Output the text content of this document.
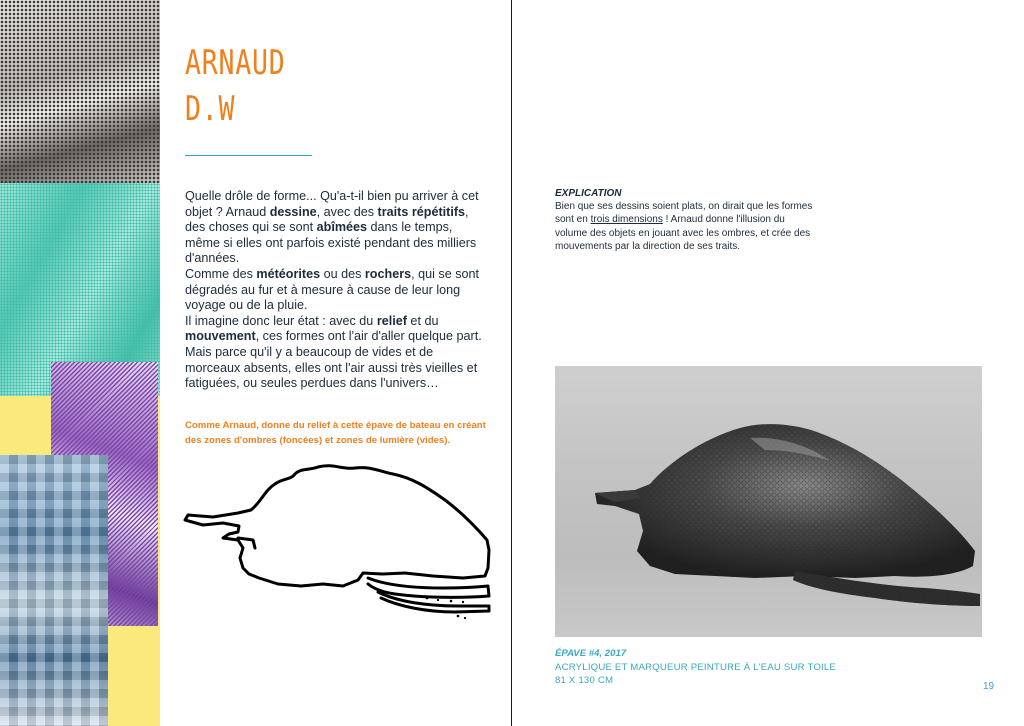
ARNAUD
D.W
Quelle drôle de forme... Qu'a-t-il bien pu arriver à cet objet ? Arnaud dessine, avec des traits répétitifs, des choses qui se sont abîmées dans le temps, même si elles ont parfois existé pendant des milliers d'années.
Comme des météorites ou des rochers, qui se sont dégradés au fur et à mesure à cause de leur long voyage ou de la pluie.
Il imagine donc leur état : avec du relief et du mouvement, ces formes ont l'air d'aller quelque part. Mais parce qu'il y a beaucoup de vides et de morceaux absents, elles ont l'air aussi très vieilles et fatiguées, ou seules perdues dans l'univers…
Comme Arnaud, donne du relief à cette épave de bateau en créant des zones d'ombres (foncées) et zones de lumière (vides).
EXPLICATION
Bien que ses dessins soient plats, on dirait que les formes sont en trois dimensions ! Arnaud donne l'illusion du volume des objets en jouant avec les ombres, et crée des mouvements par la direction de ses traits.
ÉPAVE #4, 2017
ACRYLIQUE ET MARQUEUR PEINTURE À L'EAU SUR TOILE
81 X 130 CM
19
